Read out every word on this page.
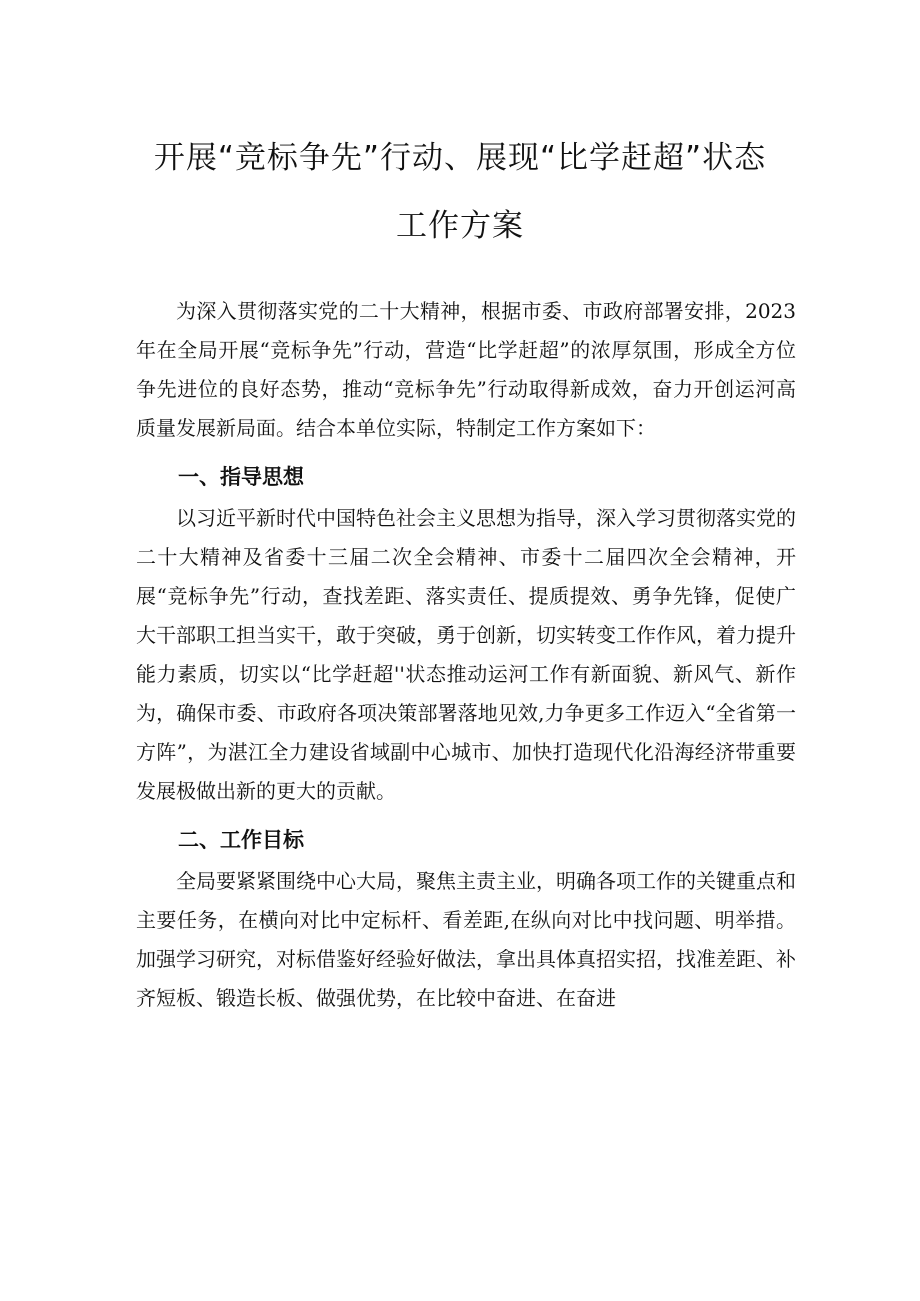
开展“竞标争先”行动、展现“比学赶超”状态
工作方案

为深入贯彻落实党的二十大精神，根据市委、市政府部署安排，2023年在全局开展“竞标争先”行动，营造“比学赶超”的浓厚氛围，形成全方位争先进位的良好态势，推动“竞标争先”行动取得新成效，奋力开创运河高质量发展新局面。结合本单位实际，特制定工作方案如下：

一、指导思想

以习近平新时代中国特色社会主义思想为指导，深入学习贯彻落实党的二十大精神及省委十三届二次全会精神、市委十二届四次全会精神，开展“竞标争先”行动，查找差距、落实责任、提质提效、勇争先锋，促使广大干部职工担当实干，敢于突破，勇于创新，切实转变工作作风，着力提升能力素质，切实以“比学赶超''状态推动运河工作有新面貌、新风气、新作为，确保市委、市政府各项决策部署落地见效,力争更多工作迈入“全省第一方阵”，为湛江全力建设省域副中心城市、加快打造现代化沿海经济带重要发展极做出新的更大的贡献。

二、工作目标

全局要紧紧围绕中心大局，聚焦主责主业，明确各项工作的关键重点和主要任务，在横向对比中定标杆、看差距,在纵向对比中找问题、明举措。加强学习研究，对标借鉴好经验好做法，拿出具体真招实招，找准差距、补齐短板、锻造长板、做强优势，在比较中奋进、在奋进
